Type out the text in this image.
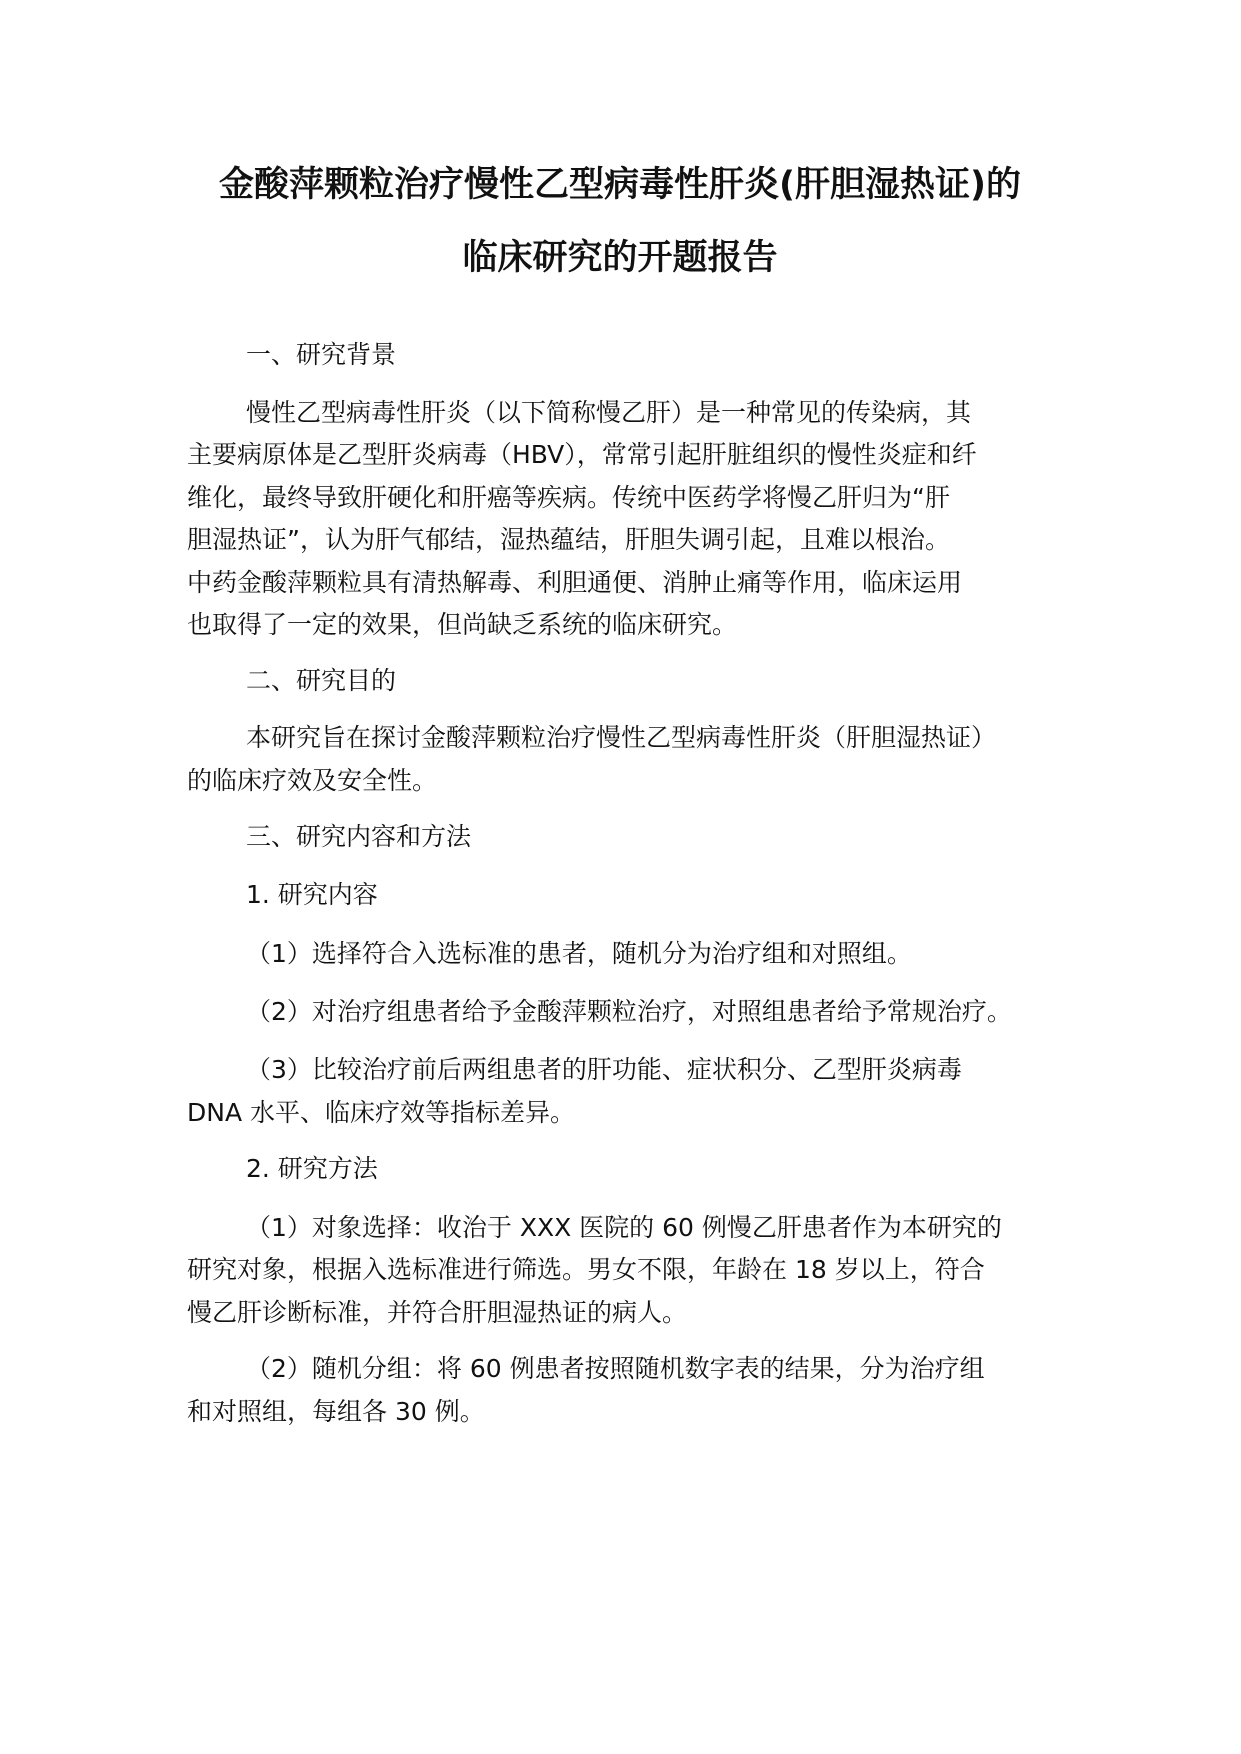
金酸萍颗粒治疗慢性乙型病毒性肝炎(肝胆湿热证)的
临床研究的开题报告
一、研究背景
慢性乙型病毒性肝炎（以下简称慢乙肝）是一种常见的传染病，其
主要病原体是乙型肝炎病毒（HBV），常常引起肝脏组织的慢性炎症和纤
维化，最终导致肝硬化和肝癌等疾病。传统中医药学将慢乙肝归为“肝
胆湿热证”，认为肝气郁结，湿热蕴结，肝胆失调引起，且难以根治。
中药金酸萍颗粒具有清热解毒、利胆通便、消肿止痛等作用，临床运用
也取得了一定的效果，但尚缺乏系统的临床研究。
二、研究目的
本研究旨在探讨金酸萍颗粒治疗慢性乙型病毒性肝炎（肝胆湿热证）
的临床疗效及安全性。
三、研究内容和方法
1. 研究内容
（1）选择符合入选标准的患者，随机分为治疗组和对照组。
（2）对治疗组患者给予金酸萍颗粒治疗，对照组患者给予常规治疗。
（3）比较治疗前后两组患者的肝功能、症状积分、乙型肝炎病毒
DNA 水平、临床疗效等指标差异。
2. 研究方法
（1）对象选择：收治于 XXX 医院的 60 例慢乙肝患者作为本研究的
研究对象，根据入选标准进行筛选。男女不限，年龄在 18 岁以上，符合
慢乙肝诊断标准，并符合肝胆湿热证的病人。
（2）随机分组：将 60 例患者按照随机数字表的结果，分为治疗组
和对照组，每组各 30 例。
